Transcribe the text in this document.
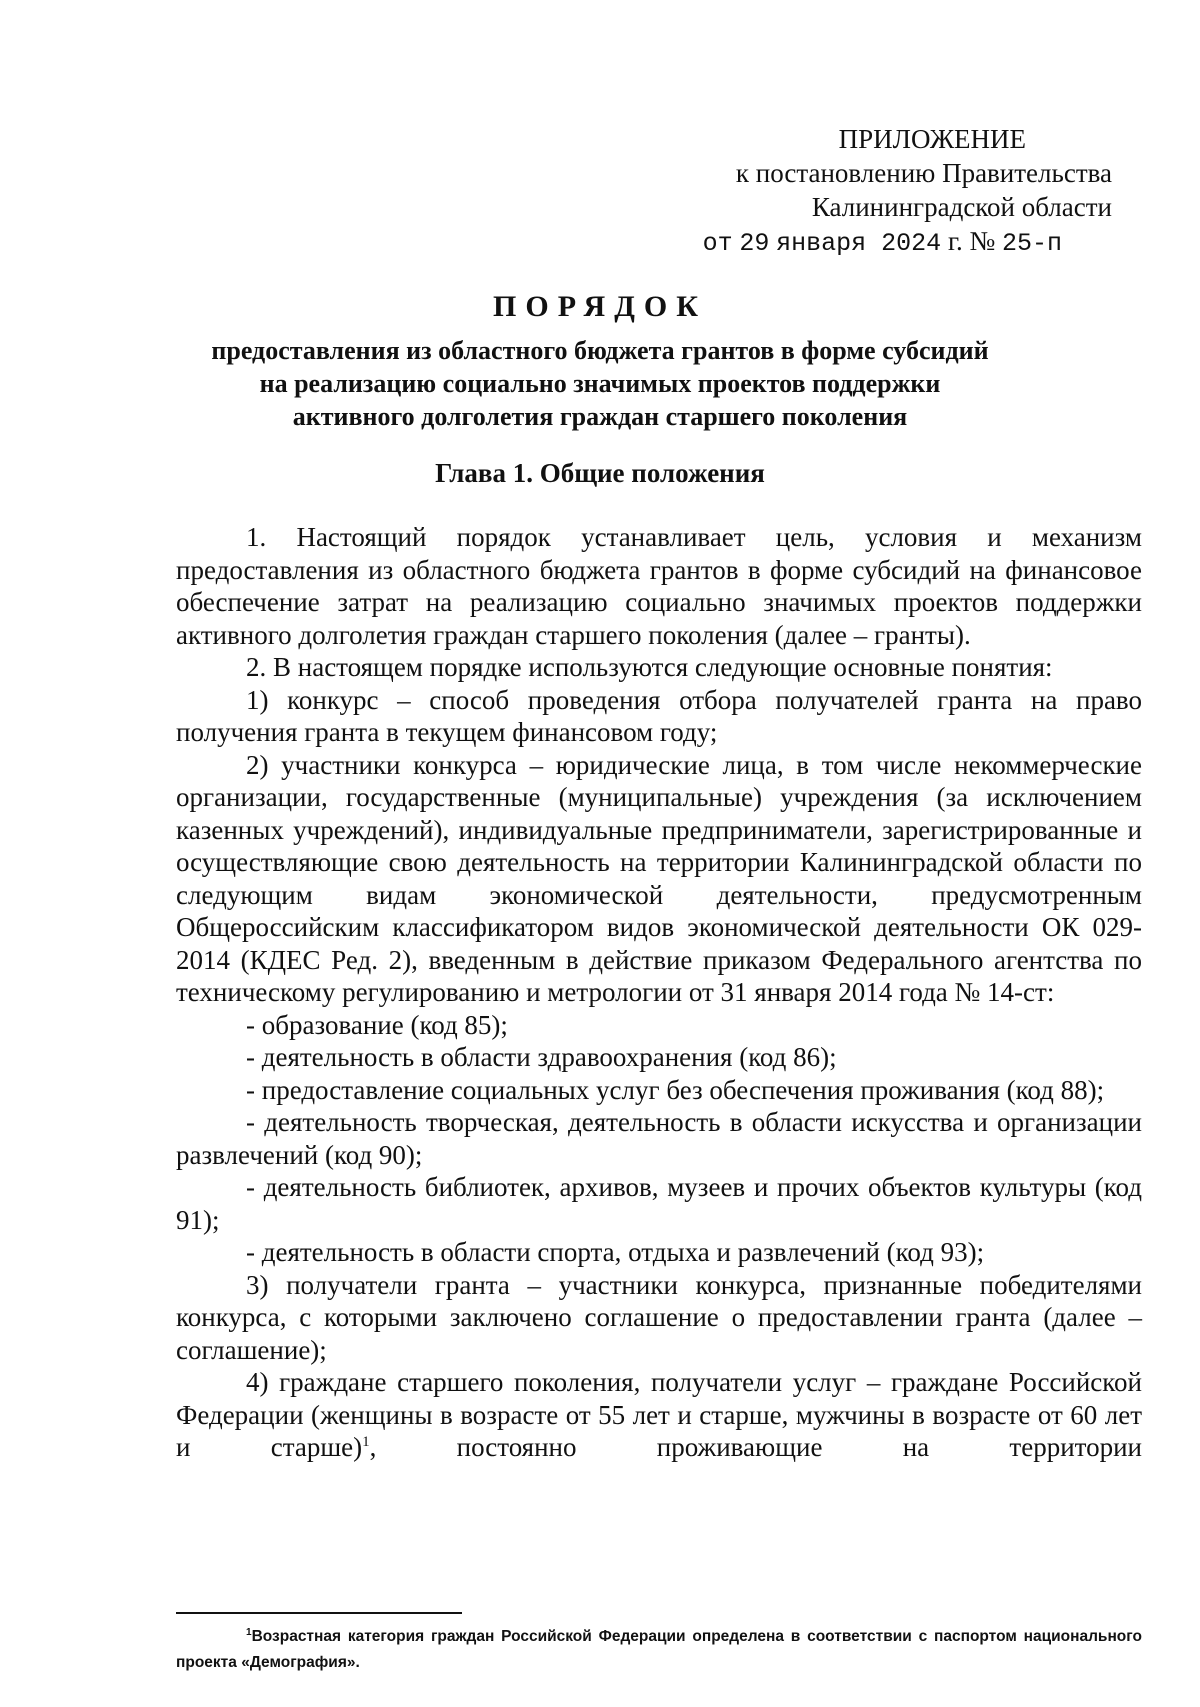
ПРИЛОЖЕНИЕ
к постановлению Правительства
Калининградской области
от 29 января 2024 г. № 25-п
ПОРЯДОК
предоставления из областного бюджета грантов в форме субсидий
на реализацию социально значимых проектов поддержки
активного долголетия граждан старшего поколения
Глава 1. Общие положения

1. Настоящий порядок устанавливает цель, условия и механизм предоставления из областного бюджета грантов в форме субсидий на финансовое обеспечение затрат на реализацию социально значимых проектов поддержки активного долголетия граждан старшего поколения (далее – гранты).

2. В настоящем порядке используются следующие основные понятия:

1) конкурс – способ проведения отбора получателей гранта на право получения гранта в текущем финансовом году;

2) участники конкурса – юридические лица, в том числе некоммерческие организации, государственные (муниципальные) учреждения (за исключением казенных учреждений), индивидуальные предприниматели, зарегистрированные и осуществляющие свою деятельность на территории Калининградской области по следующим видам экономической деятельности, предусмотренным Общероссийским классификатором видов экономической деятельности ОК 029-2014 (КДЕС Ред. 2), введенным в действие приказом Федерального агентства по техническому регулированию и метрологии от 31 января 2014 года № 14-ст:

- образование (код 85);

- деятельность в области здравоохранения (код 86);

- предоставление социальных услуг без обеспечения проживания (код 88);

- деятельность творческая, деятельность в области искусства и организации развлечений (код 90);

- деятельность библиотек, архивов, музеев и прочих объектов культуры (код 91);

- деятельность в области спорта, отдыха и развлечений (код 93);

3) получатели гранта – участники конкурса, признанные победителями конкурса, с которыми заключено соглашение о предоставлении гранта (далее – соглашение);

4) граждане старшего поколения, получатели услуг – граждане Российской Федерации (женщины в возрасте от 55 лет и старше, мужчины в возрасте от 60 лет и старше)$^1$, постоянно проживающие на территории

$^1$Возрастная категория граждан Российской Федерации определена в соответствии с паспортом национального проекта «Демография».
